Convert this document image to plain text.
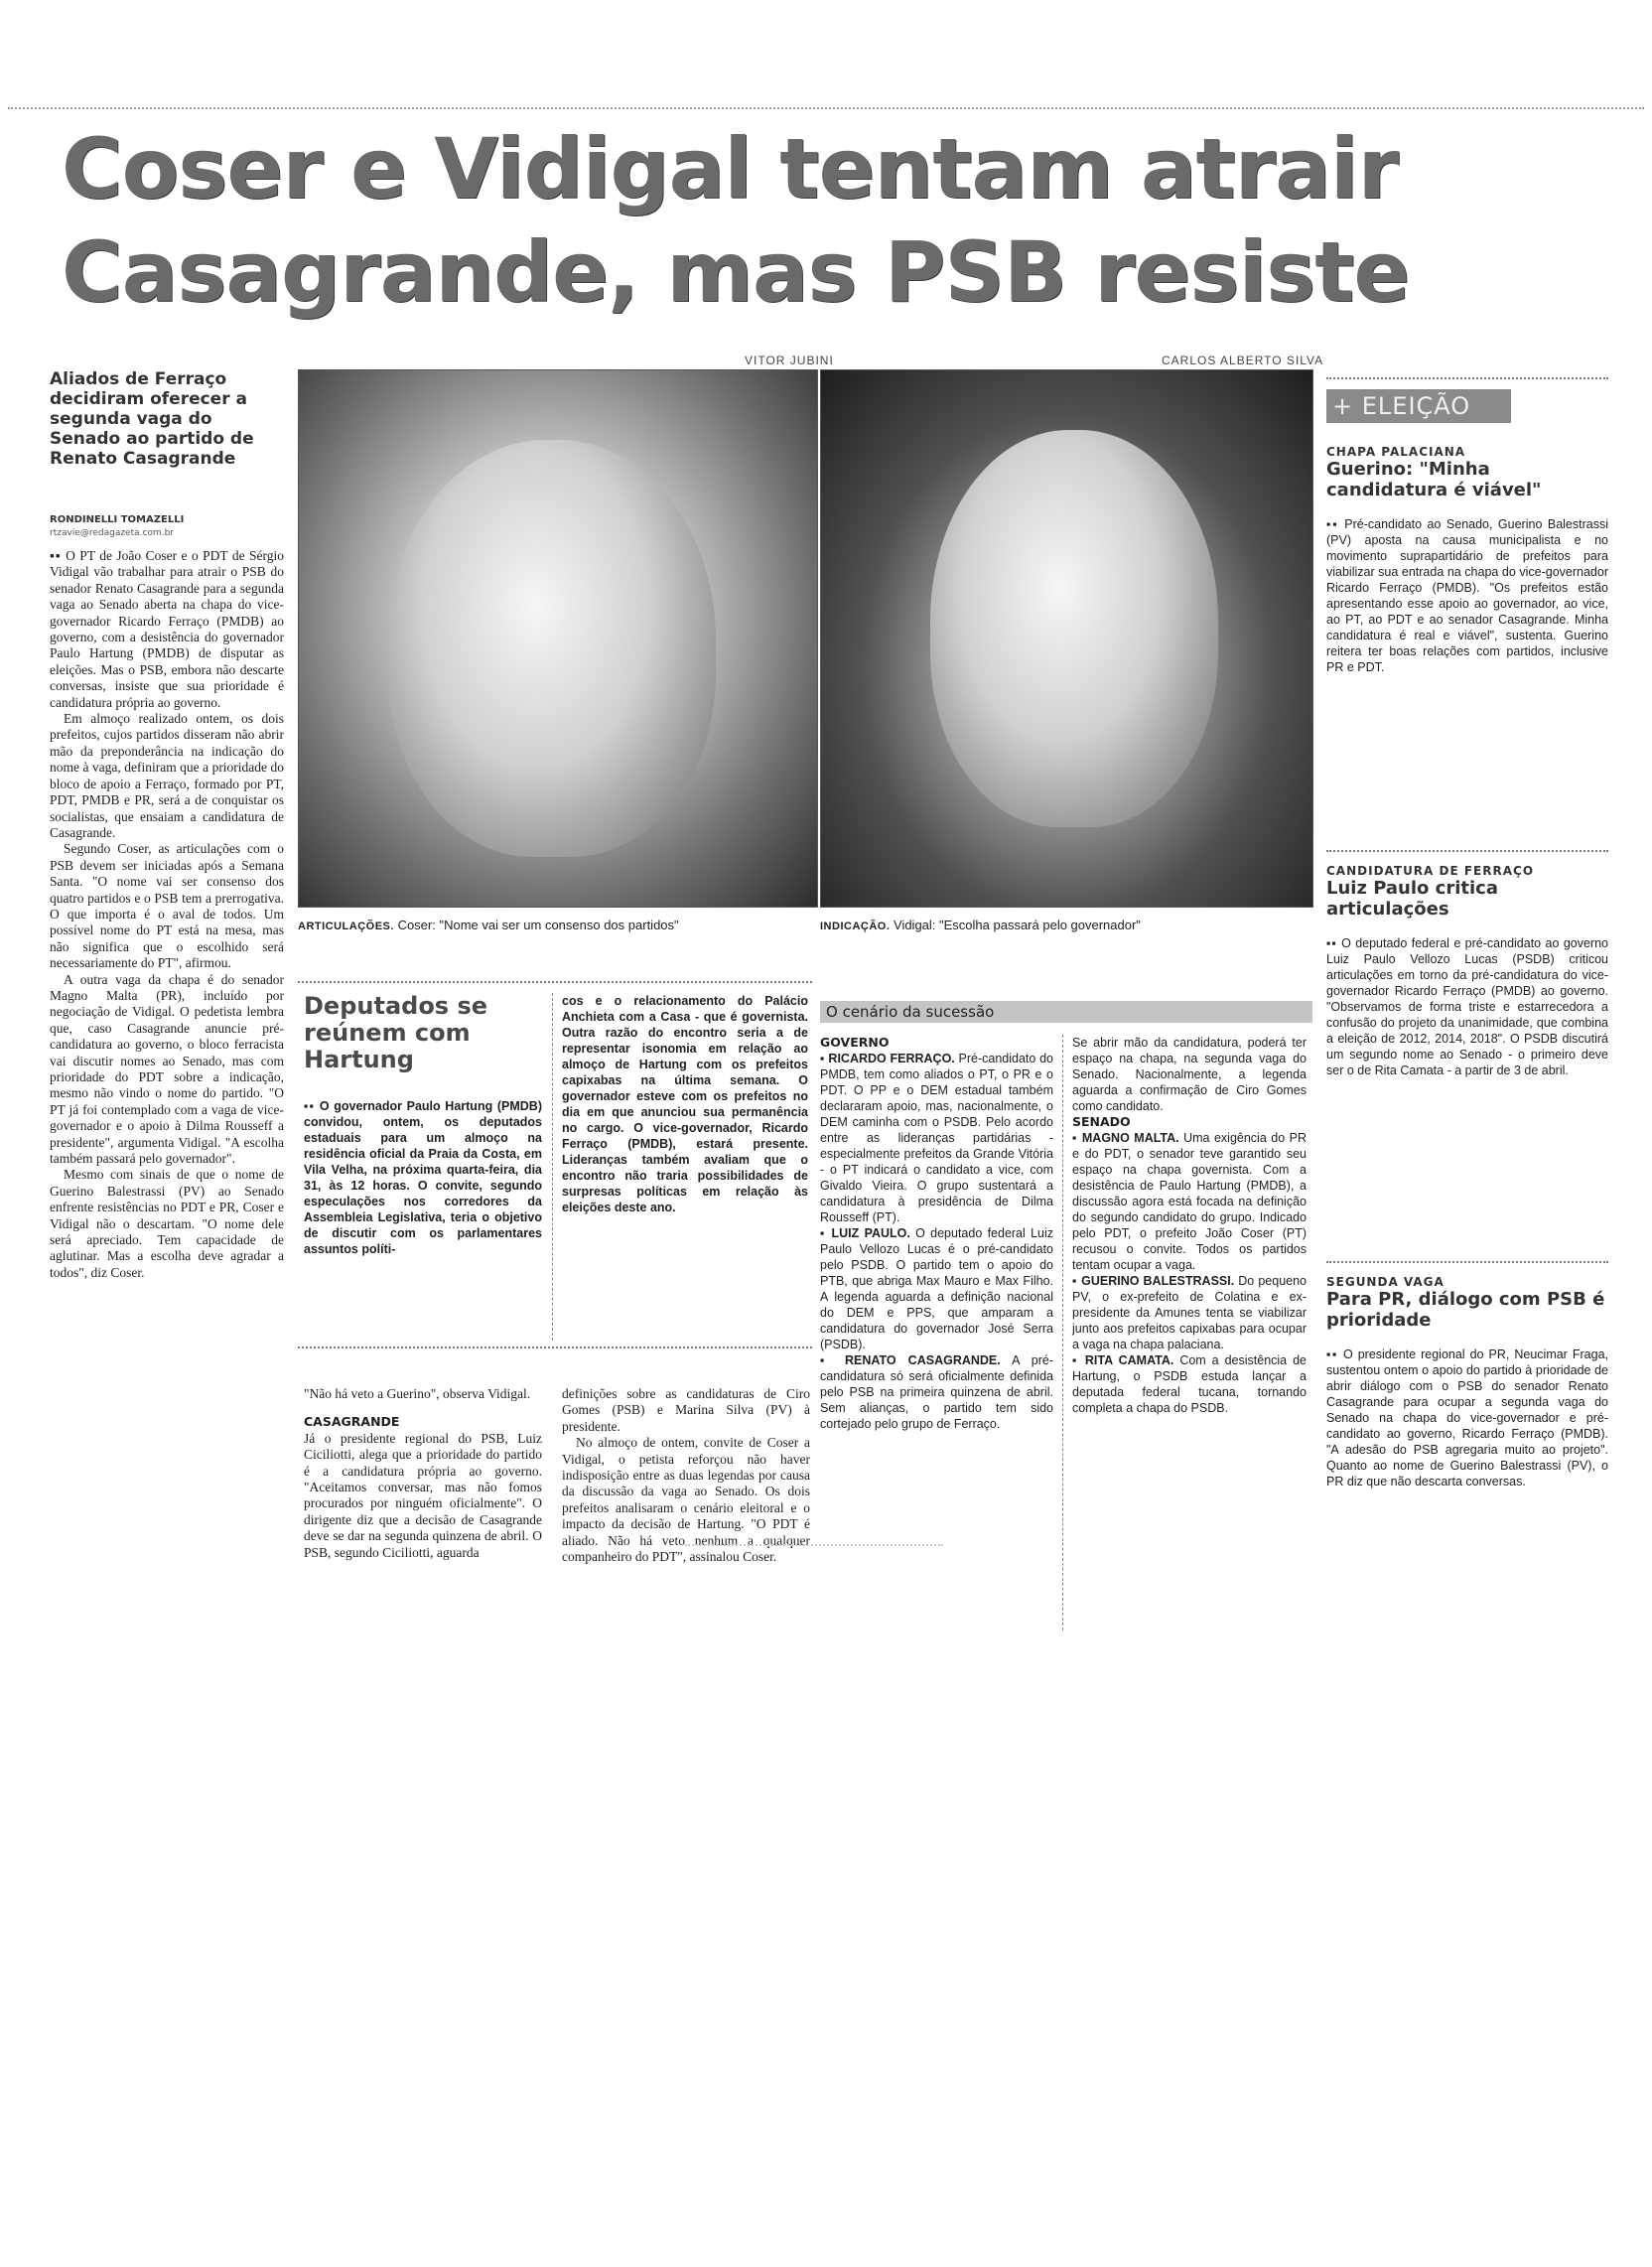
Coser e Vidigal tentam atrair
Casagrande, mas PSB resiste
VITOR JUBINI	CARLOS ALBERTO SILVA
ARTICULAÇÕES. Coser: "Nome vai ser um consenso dos partidos"	INDICAÇÃO. Vidigal: "Escolha passará pelo governador"
Aliados de Ferraço decidiram oferecer a segunda vaga do Senado ao partido de Renato Casagrande
RONDINELLI TOMAZELLI
rtzavie@redagazeta.com.br

▪▪ O PT de João Coser e o PDT de Sérgio Vidigal vão trabalhar para atrair o PSB do senador Renato Casagrande para a segunda vaga ao Senado aberta na chapa do vice-governador Ricardo Ferraço (PMDB) ao governo, com a desistência do governador Paulo Hartung (PMDB) de disputar as eleições. Mas o PSB, embora não descarte conversas, insiste que sua prioridade é candidatura própria ao governo.

Em almoço realizado ontem, os dois prefeitos, cujos partidos disseram não abrir mão da preponderância na indicação do nome à vaga, definiram que a prioridade do bloco de apoio a Ferraço, formado por PT, PDT, PMDB e PR, será a de conquistar os socialistas, que ensaiam a candidatura de Casagrande.

Segundo Coser, as articulações com o PSB devem ser iniciadas após a Semana Santa. "O nome vai ser consenso dos quatro partidos e o PSB tem a prerrogativa. O que importa é o aval de todos. Um possível nome do PT está na mesa, mas não significa que o escolhido será necessariamente do PT", afirmou.

A outra vaga da chapa é do senador Magno Malta (PR), incluído por negociação de Vidigal. O pedetista lembra que, caso Casagrande anuncie pré-candidatura ao governo, o bloco ferracista vai discutir nomes ao Senado, mas com prioridade do PDT sobre a indicação, mesmo não vindo o nome do partido. "O PT já foi contemplado com a vaga de vice-governador e o apoio à Dilma Rousseff a presidente", argumenta Vidigal. "A escolha também passará pelo governador".

Mesmo com sinais de que o nome de Guerino Balestrassi (PV) ao Senado enfrente resistências no PDT e PR, Coser e Vidigal não o descartam. "O nome dele será apreciado. Tem capacidade de aglutinar. Mas a escolha deve agradar a todos", diz Coser.

Deputados se reúnem com Hartung
▪▪ O governador Paulo Hartung (PMDB) convidou, ontem, os deputados estaduais para um almoço na residência oficial da Praia da Costa, em Vila Velha, na próxima quarta-feira, dia 31, às 12 horas. O convite, segundo especulações nos corredores da Assembleia Legislativa, teria o objetivo de discutir com os parlamentares assuntos políti-
cos e o relacionamento do Palácio Anchieta com a Casa - que é governista. Outra razão do encontro seria a de representar isonomia em relação ao almoço de Hartung com os prefeitos capixabas na última semana. O governador esteve com os prefeitos no dia em que anunciou sua permanência no cargo. O vice-governador, Ricardo Ferraço (PMDB), estará presente. Lideranças também avaliam que o encontro não traria possibilidades de surpresas políticas em relação às eleições deste ano.

"Não há veto a Guerino", observa Vidigal.

CASAGRANDE

Já o presidente regional do PSB, Luiz Ciciliotti, alega que a prioridade do partido é a candidatura própria ao governo. "Aceitamos conversar, mas não fomos procurados por ninguém oficialmente". O dirigente diz que a decisão de Casagrande deve se dar na segunda quinzena de abril. O PSB, segundo Ciciliotti, aguarda

definições sobre as candidaturas de Ciro Gomes (PSB) e Marina Silva (PV) à presidente.

No almoço de ontem, convite de Coser a Vidigal, o petista reforçou não haver indisposição entre as duas legendas por causa da discussão da vaga ao Senado. Os dois prefeitos analisaram o cenário eleitoral e o impacto da decisão de Hartung. "O PDT é aliado. Não há veto nenhum a qualquer companheiro do PDT", assinalou Coser.

O cenário da sucessão
GOVERNO

▪ RICARDO FERRAÇO. Pré-candidato do PMDB, tem como aliados o PT, o PR e o PDT. O PP e o DEM estadual também declararam apoio, mas, nacionalmente, o DEM caminha com o PSDB. Pelo acordo entre as lideranças partidárias - especialmente prefeitos da Grande Vitória - o PT indicará o candidato a vice, com Givaldo Vieira. O grupo sustentará a candidatura à presidência de Dilma Rousseff (PT).

▪ LUIZ PAULO. O deputado federal Luiz Paulo Vellozo Lucas é o pré-candidato pelo PSDB. O partido tem o apoio do PTB, que abriga Max Mauro e Max Filho. A legenda aguarda a definição nacional do DEM e PPS, que amparam a candidatura do governador José Serra (PSDB).

▪ RENATO CASAGRANDE. A pré-candidatura só será oficialmente definida pelo PSB na primeira quinzena de abril. Sem alianças, o partido tem sido cortejado pelo grupo de Ferraço.

Se abrir mão da candidatura, poderá ter espaço na chapa, na segunda vaga do Senado. Nacionalmente, a legenda aguarda a confirmação de Ciro Gomes como candidato.

SENADO

▪ MAGNO MALTA. Uma exigência do PR e do PDT, o senador teve garantido seu espaço na chapa governista. Com a desistência de Paulo Hartung (PMDB), a discussão agora está focada na definição do segundo candidato do grupo. Indicado pelo PDT, o prefeito João Coser (PT) recusou o convite. Todos os partidos tentam ocupar a vaga.

▪ GUERINO BALESTRASSI. Do pequeno PV, o ex-prefeito de Colatina e ex-presidente da Amunes tenta se viabilizar junto aos prefeitos capixabas para ocupar a vaga na chapa palaciana.

▪ RITA CAMATA. Com a desistência de Hartung, o PSDB estuda lançar a deputada federal tucana, tornando completa a chapa do PSDB.

+ ELEIÇÃO
CHAPA PALACIANA
Guerino: "Minha candidatura é viável"
▪▪ Pré-candidato ao Senado, Guerino Balestrassi (PV) aposta na causa municipalista e no movimento suprapartidário de prefeitos para viabilizar sua entrada na chapa do vice-governador Ricardo Ferraço (PMDB). "Os prefeitos estão apresentando esse apoio ao governador, ao vice, ao PT, ao PDT e ao senador Casagrande. Minha candidatura é real e viável", sustenta. Guerino reitera ter boas relações com partidos, inclusive PR e PDT.
CANDIDATURA DE FERRAÇO
Luiz Paulo critica articulações
▪▪ O deputado federal e pré-candidato ao governo Luiz Paulo Vellozo Lucas (PSDB) criticou articulações em torno da pré-candidatura do vice-governador Ricardo Ferraço (PMDB) ao governo. "Observamos de forma triste e estarrecedora a confusão do projeto da unanimidade, que combina a eleição de 2012, 2014, 2018". O PSDB discutirá um segundo nome ao Senado - o primeiro deve ser o de Rita Camata - a partir de 3 de abril.
SEGUNDA VAGA
Para PR, diálogo com PSB é prioridade
▪▪ O presidente regional do PR, Neucimar Fraga, sustentou ontem o apoio do partido à prioridade de abrir diálogo com o PSB do senador Renato Casagrande para ocupar a segunda vaga do Senado na chapa do vice-governador e pré-candidato ao governo, Ricardo Ferraço (PMDB). "A adesão do PSB agregaria muito ao projeto". Quanto ao nome de Guerino Balestrassi (PV), o PR diz que não descarta conversas.
